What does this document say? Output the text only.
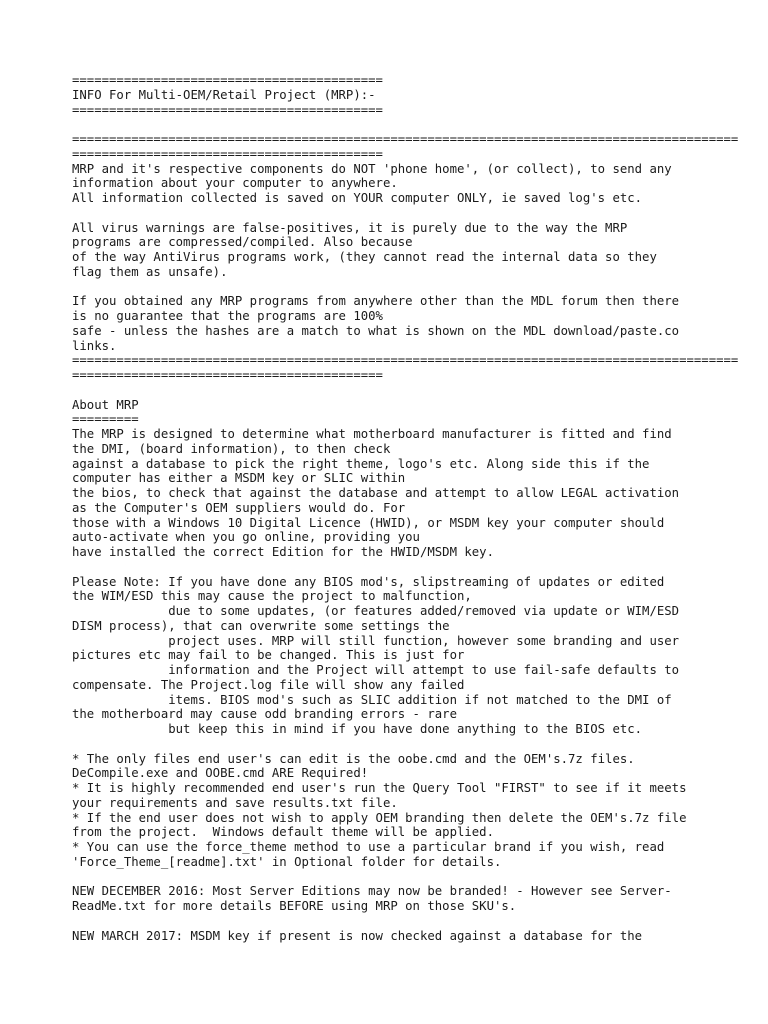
==========================================
INFO For Multi-OEM/Retail Project (MRP):-
==========================================
==========================================================================================
==========================================
MRP and it's respective components do NOT 'phone home', (or collect), to send any
information about your computer to anywhere.
All information collected is saved on YOUR computer ONLY, ie saved log's etc.
All virus warnings are false-positives, it is purely due to the way the MRP
programs are compressed/compiled. Also because
of the way AntiVirus programs work, (they cannot read the internal data so they
flag them as unsafe).
If you obtained any MRP programs from anywhere other than the MDL forum then there
is no guarantee that the programs are 100%
safe - unless the hashes are a match to what is shown on the MDL download/paste.co
links.
==========================================================================================
==========================================
About MRP
=========
The MRP is designed to determine what motherboard manufacturer is fitted and find
the DMI, (board information), to then check
against a database to pick the right theme, logo's etc. Along side this if the
computer has either a MSDM key or SLIC within
the bios, to check that against the database and attempt to allow LEGAL activation
as the Computer's OEM suppliers would do. For
those with a Windows 10 Digital Licence (HWID), or MSDM key your computer should
auto-activate when you go online, providing you
have installed the correct Edition for the HWID/MSDM key.
Please Note: If you have done any BIOS mod's, slipstreaming of updates or edited
the WIM/ESD this may cause the project to malfunction,
due to some updates, (or features added/removed via update or WIM/ESD
DISM process), that can overwrite some settings the
project uses. MRP will still function, however some branding and user
pictures etc may fail to be changed. This is just for
information and the Project will attempt to use fail-safe defaults to
compensate. The Project.log file will show any failed
items. BIOS mod's such as SLIC addition if not matched to the DMI of
the motherboard may cause odd branding errors - rare
but keep this in mind if you have done anything to the BIOS etc.
* The only files end user's can edit is the oobe.cmd and the OEM's.7z files.
DeCompile.exe and OOBE.cmd ARE Required!
* It is highly recommended end user's run the Query Tool "FIRST" to see if it meets
your requirements and save results.txt file.
* If the end user does not wish to apply OEM branding then delete the OEM's.7z file
from the project.  Windows default theme will be applied.
* You can use the force_theme method to use a particular brand if you wish, read
'Force_Theme_[readme].txt' in Optional folder for details.
NEW DECEMBER 2016: Most Server Editions may now be branded! - However see Server-
ReadMe.txt for more details BEFORE using MRP on those SKU's.
NEW MARCH 2017: MSDM key if present is now checked against a database for the
